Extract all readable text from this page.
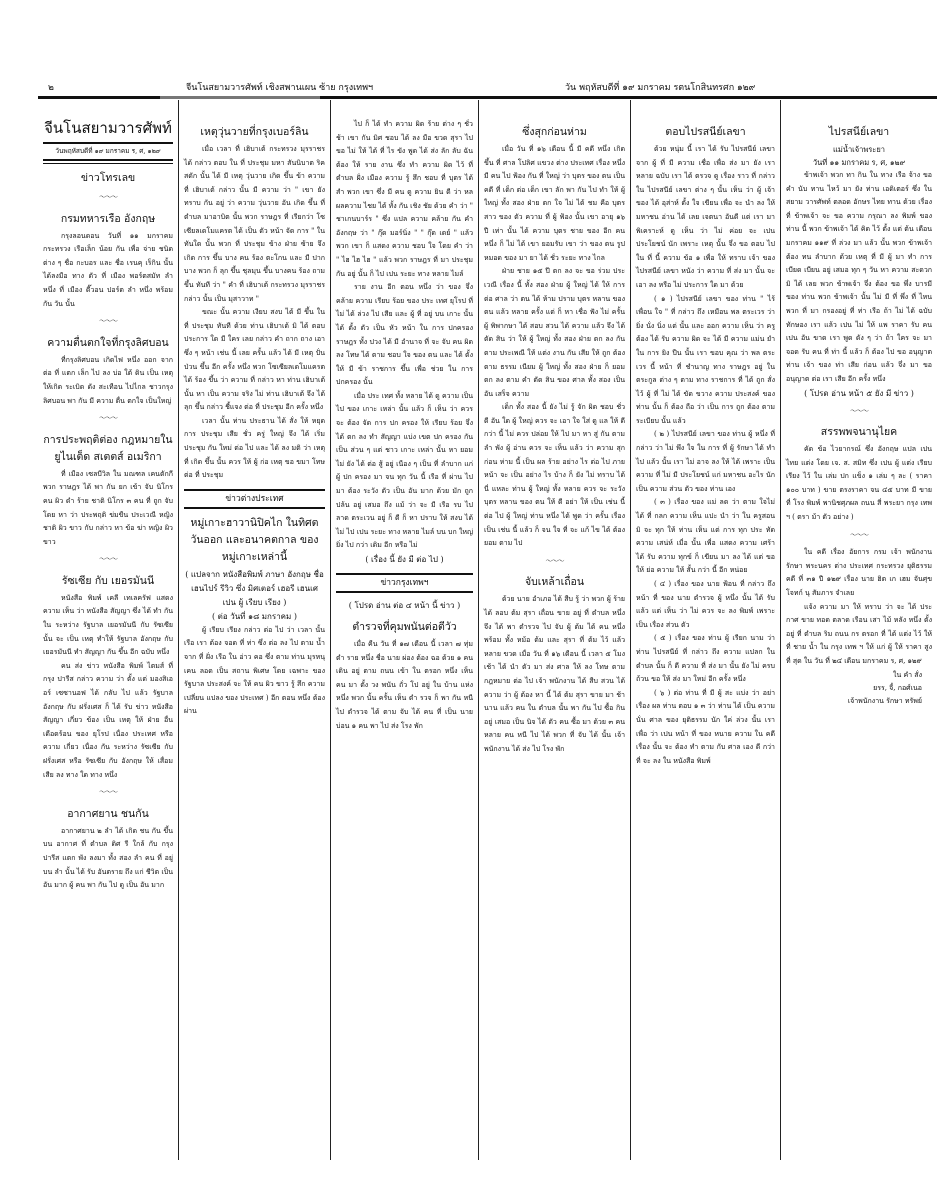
๒	จีนโนสยามวารศัพท์ เชิงสพานเผน ซ้าย กรุงเทพฯ	วัน พฤหัสบดีที่ ๑๙ มกราคม รตนโกสินทรศก ๑๒๙
จีนโนสยามวารศัพท์
วันพฤหัสบดีที่ ๑๙ มกราคม ร, ศ, ๑๒๙
ข่าวโทรเลข
～～～
กรมทหารเรือ อังกฤษ

กรุงลอนดอน วันที่ ๑๑ มกราคม กระทรวง เรือเล็ก น้อย กัน เพื่อ จ่าย ชนิด ต่าง ๆ ชื่อ กะบอร และ ชื่อ เรนคุ เร็กิน นั้น ได้ลงมือ ทาง ตัว ที่ เมือง พอร์ตสมัท ลำ หนึ่ง ที่ เมือง ดี๊วอน ปอร์ต ลำ หนึ่ง พร้อม กัน วัน นั้น

～～～
ความตื่นตกใจที่กรุงลิศบอน

ที่กรุงลิศบอน เกิดไฟ หนึ่ง ออก จาก ต่อ ที่ แตก เล็ก ไป ลง บ่อ ใต้ ดิน เป็น เหตุ ให้เกิด ระเบิด ดัง สะเทือน ไปไกล ชาวกรุง ลิศบอน พา กัน มี ความ ตื่น ตกใจ เป็นใหญ่

～～～
การประพฤติต่อง กฎหมายใน ยูไนเต็ด สเตตส์ อเมริกา

ที่ เมือง เซลบีวิล ใน มณฑล เคนตักกี พวก ราษฎร ได้ พา กัน ยก เข้า จับ นิโกร คน ผิว ดำ ร้าย ชาติ นิโกร ๓ คน ที่ ถูก จับ โดย หา ว่า ประพฤติ ข่มขืน ประเวณี หญิง ชาติ ผิว ขาว กับ กล่าว หา ข้อ ฆ่า หญิง ผิว ขาว

～～～
รัซเซีย กับ เยอรมันนี

หนังสือ พิมพ์ เคลี เทเลครัฟ แสดง ความ เห็น ว่า หนังสือ สัญญา ซึ่ง ได้ ทำ กัน ใน ระหว่าง รัฐบาล เยอรมันนี กับ รัซเซีย นั้น จะ เป็น เหตุ ทำให้ รัฐบาล อังกฤษ กับ เยอรมันนี ทำ สัญญา กัน ขึ้น อีก ฉบับ หนึ่ง

คน ส่ง ข่าว หนังสือ พิมพ์ ไตมส์ ที่ กรุง ปารีส กล่าว ความ ว่า ตั้ง แต่ มองสิเออร์ เซซานอฟ ได้ กลับ ไป แล้ว รัฐบาล อังกฤษ กับ ฝรั่งเศส ก็ ได้ รับ ข่าว หนังสือ สัญญา เกี่ยว ข้อง เป็น เหตุ ให้ ฝ่าย อื่น เดือดร้อน ของ ยุโรป เนื่อง ประเทศ หรือ ความ เกี่ยว เนื่อง กัน ระหว่าง รัซเซีย กับ ฝรั่งเศส หรือ รัซเซีย กับ อังกฤษ ให้ เสื่อม เสีย ลง ทาง ใด ทาง หนึ่ง

～～～
อากาศยาน ชนกัน

อากาศยาน ๒ ลำ ได้ เกิด ชน กัน ขึ้น บน อากาศ ที่ ตำบล ดิศ รี ใกล้ กับ กรุง ปารีส แตก พัง ลงมา ทั้ง สอง ลำ คน ที่ อยู่ บน ลำ นั้น ได้ รับ อันตราย ถึง แก่ ชีวิต เป็น อัน มาก ผู้ คน พา กัน ไป ดู เป็น อัน มาก

เหตุวุ่นวายที่กรุงเบอร์ลิน

เมื่อ เวลา ที่ เฮิบาเต้ กระทรวง มุรราชร ได้ กล่าว ตอบ ใน ที่ ประชุม มหา สันนิบาต ริคสดัก นั้น ได้ มี เหตุ วุ่นวาย เกิด ขึ้น ข้า ความ ที่ เฮิบาเต้ กล่าว นั้น มี ความ ว่า " เขา ยัง ทราบ กัน อยู่ ว่า ความ วุ่นวาย อัน เกิด ขึ้น ที่ ตำบล มาอาบิต นั้น พวก ราษฎร ที่ เรียกว่า โซเซียลเดโมแครต ได้ เป็น ตัว หน้า จัด การ " ใน ทันใด นั้น พวก ที่ ประชุม ข้าง ฝ่าย ซ้าย จึง เกิด การ ขึ้น บาง คน ร้อง ตะโกน และ มี ปาก บาง พวก ก็ ลุก ขึ้น ชุลมุน ขึ้น บางคน ร้อง ถาม ขึ้น ทันที ว่า " คำ ที่ เฮิบาเต้ กระทรวง มุรราชร กล่าว นั้น เป็น มุสาวาท "

ขณะ นั้น ความ เงียบ สงบ ได้ มี ขึ้น ใน ที่ ประชุม ทันที ด้วย ท่าน เฮิบาเต้ มิ ได้ ตอบ ประการ ใด มี ใคร เลย กล่าว คำ ถาก ถาง เอา ซึ่ง ๆ หน้า เช่น นี้ เลย ครั้น แล้ว ได้ มี เหตุ ปั่นป่วน ขึ้น อีก ครั้ง หนึ่ง พวก โซเซียลเดโมแครต ได้ ร้อง ขึ้น ว่า ความ ที่ กล่าว หา ท่าน เฮิบาเต้ นั้น หา เป็น ความ จริง ไม่ ท่าน เฮิบาเต้ จึง ได้ ลุก ขึ้น กล่าว ชี้แจง ต่อ ที่ ประชุม อีก ครั้ง หนึ่ง

เวลา นั้น ท่าน ประธาน ได้ สั่ง ให้ หยุด การ ประชุม เสีย ชั่ว ครู่ ใหญ่ จึง ได้ เริ่ม ประชุม กัน ใหม่ ต่อ ไป และ ได้ ลง มติ ว่า เหตุ ที่ เกิด ขึ้น นั้น ควร ให้ ผู้ ก่อ เหตุ ขอ ขมา โทษ ต่อ ที่ ประชุม

ข่าวต่างประเทศ
หมู่เกาะฮาวานิปิคไก ในทิศตวันออก และอนาคตกาล ของหมู่เกาะเหล่านี้
( แปลจาก หนังสือพิมพ์ ภาษา อังกฤษ ชื่อ เฮนไปร์ รีวิว ซึ่ง มิศเตอร์ เฮอรี เฮนเศ เปน ผู้ เรียบ เรียง )
( ต่อ วันที่ ๑๘ มกราคม )

ผู้ เรียบ เรียง กล่าว ต่อ ไป ว่า เวลา นั้น เรือ เรา ต้อง จอด ที่ ท่า ซึ่ง ต่อ ลง ไป ตาม น้ำ จาก ที่ ฝั่ง เรือ ใน อ่าว คอ ซึ่ง ตาม ท่าน มุรหนุ เคน ลอด เป็น สถาน พิเศษ โดย เฉพาะ ของ รัฐบาล ประสงค์ จะ ให้ คน ผิว ขาว รู้ สึก ความ เปลี่ยน แปลง ของ ประเทศ ) อีก ตอน หนึ่ง ต้อง ผ่าน

ไป ก็ ได้ ทำ ความ ผิด ร้าย ต่าง ๆ ชั่ว ช้า เขา กัน มิศ ชอบ ได้ ลง มือ ขวด สุรา ไป ขอ ไม่ ให้ ได้ ที่ ไร ขัง พูด ได้ ส่ง ลัก ลับ ฉัน ต้อง ให้ ราย งาน ซึ่ง ทำ ความ ผิด ไว้ ที่ ตำบล ฝั่ง เมือง ความ รู้ สึก ชอบ ที่ บุตร ได้ สำ พวก เขา ซึ่ง มี คน ดู ความ ยิน ดี ว่า หล ผลความ ไชย ได้ ทั้ง กัน เชิง ชัย ด้วย คำ ว่า " ชาเกนบาร์ร " ซึ่ง แปล ความ คล้าย กัน คำ อังกฤษ ว่า " กุ๊ด มอร์นิ่ง " " กุ๊ด เดย์ " แล้ว พวก เขา ก็ แสดง ความ ชอบ ใจ โดย คำ ว่า " ไฮ ไฮ ไฮ " แล้ว พวก ราษฎร ที่ มา ประชุม กัน อยู่ นั้น ก็ ไป เปน ระยะ ทาง หลาย ไมล์

ราย งาน อีก ตอน หนึ่ง ว่า ของ จึ่ง คล้าย ความ เรียบ ร้อย ของ ประ เทศ ยุโรป ที่ ไม่ ได้ ล่วง ไป เสีย และ ผู้ ที่ อยู่ บน เกาะ นั้น ได้ ตั้ง ตัว เป็น หัว หน้า ใน การ ปกครอง ราษฎร ทั้ง ปวง ได้ มี อำนาจ ที่ จะ จับ คน ผิด ลง โทษ ได้ ตาม ชอบ ใจ ของ ตน และ ได้ ตั้ง ให้ มี ข้า ราชการ ขึ้น เพื่อ ช่วย ใน การ ปกครอง นั้น

เมื่อ ประ เทศ ทั้ง หลาย ได้ ดู ความ เป็น ไป ของ เกาะ เหล่า นั้น แล้ว ก็ เห็น ว่า ควร จะ ต้อง จัด การ ปก ครอง ให้ เรียบ ร้อย จึ่ง ได้ ตก ลง ทำ สัญญา แบ่ง เขต ปก ครอง กัน เป็น ส่วน ๆ แต่ ชาว เกาะ เหล่า นั้น หา ยอม ไม่ ยัง ได้ ต่อ สู้ อยู่ เนือง ๆ เป็น ที่ ลำบาก แก่ ผู้ ปก ครอง มา จน ทุก วัน นี้ เรือ ที่ ผ่าน ไป มา ต้อง ระวัง ตัว เป็น อัน มาก ด้วย มัก ถูก ปล้น อยู่ เสมอ ถึง แม้ ว่า จะ มี เรือ รบ ไป ลาด ตระเวน อยู่ ก็ ดี ก็ หา ปราบ ให้ สงบ ได้ ไม่ ไป เปน ระยะ ทาง หลาย ไมล์ บน บก ใหญ่ ยิ่ง ไป กว่า เดิม อีก หรือ ไม่

( เรื่อง นี้ ยัง มี ต่อ ไป )
ข่าวกรุงเทพฯ
( โปรด อ่าน ต่อ ๔ หน้า นี้ ข่าว )
ตำรวจที่คุมพนันต่อตีวัว

เมื่อ คืน วัน ที่ ๑๗ เดือน นี้ เวลา ๗ ทุ่ม ตำ ราย หนึ่ง ชื่อ นาย ผ่อง ต้อง ฉอ ด้วย ๑ คน เดิน อยู่ ตาม ถนน เข้า ใน ตรอก หนึ่ง เห็น คน มา ตั้ง วง พนัน ถั่ว โป อยู่ ใน บ้าน แห่ง หนึ่ง พวก นั้น ครั้น เห็น ตำ รวจ ก็ พา กัน หนี ไป ตำรวจ ได้ ตาม จับ ได้ คน ที่ เป็น นาย บ่อน ๑ คน พา ไป ส่ง โรง พัก

ซึ่งสุกก่อนห่าม

เมื่อ วัน ที่ ๑๖ เดือน นี้ มี คดี หนึ่ง เกิด ขึ้น ที่ ศาล โปลิศ แขวง ต่าง ประเทศ เรื่อง หนึ่ง มี คน ไป ฟ้อง กัน ที่ ใหญ่ ว่า บุตร ของ ตน เป็น คดี ที่ เด็ก ต่อ เด็ก เขา ลัก พา กัน ไป ทำ ให้ ผู้ ใหญ่ ทั้ง สอง ฝ่าย ตก ใจ ไม่ ได้ ชม คือ บุตร สาว ของ ตัว ความ ที่ ผู้ ฟ้อง นั้น เขา อายุ ๑๖ ปี เท่า นั้น ได้ ความ บุตร ชาย ของ อีก คน หนึ่ง ก็ ไม่ ได้ เขา ยอมรับ เขา ว่า ของ ตน รูป หมอด ของ มา ยา ได้ ชั่ว ระยะ ทาง ไกล

ฝ่าย ชาย ๑๕ ปี ตก ลง จะ ขอ ร่วม ประ เวณี เรื่อง นี้ ทั้ง สอง ฝ่าย ผู้ ใหญ่ ได้ ให้ การ ต่อ ศาล ว่า ตน ได้ ห้าม ปราม บุตร หลาน ของ ตน แล้ว หลาย ครั้ง แต่ ก็ หา เชื่อ ฟัง ไม่ ครั้น ผู้ พิพากษา ได้ สอบ สวน ได้ ความ แล้ว จึง ได้ ตัด สิน ว่า ให้ ผู้ ใหญ่ ทั้ง สอง ฝ่าย ตก ลง กัน ตาม ประเพณี ให้ แต่ง งาน กัน เสีย ให้ ถูก ต้อง ตาม ธรรม เนียม ผู้ ใหญ่ ทั้ง สอง ฝ่าย ก็ ยอม ตก ลง ตาม คำ ตัด สิน ของ ศาล ทั้ง สอง เป็น อัน เสร็จ ความ

เด็ก ทั้ง สอง นี้ ยัง ไม่ รู้ จัก ผิด ชอบ ชั่ว ดี อัน ใด ผู้ ใหญ่ ควร จะ เอา ใจ ใส่ ดู แล ให้ ดี กว่า นี้ ไม่ ควร ปล่อย ให้ ไป มา หา สู่ กัน ตาม ลำ พัง ผู้ อ่าน ควร จะ เห็น แล้ว ว่า ความ สุก ก่อน ห่าม นี้ เป็น ผล ร้าย อย่าง ไร ต่อ ไป ภาย หน้า จะ เป็น อย่าง ไร บ้าง ก็ ยัง ไม่ ทราบ ได้ นี่ แหละ ท่าน ผู้ ใหญ่ ทั้ง หลาย ควร จะ ระวัง บุตร หลาน ของ ตน ให้ ดี อย่า ให้ เป็น เช่น นี้ ต่อ ไป ผู้ ใหญ่ ท่าน หนึ่ง ได้ พูด ว่า ครั้น เรื่อง เป็น เช่น นี้ แล้ว ก็ จน ใจ ที่ จะ แก้ ไข ได้ ต้อง ยอม ตาม ไป

～～～
จับเหล้าเถื่อน

ด้วย นาย อำเภอ ได้ สืบ รู้ ว่า พวก ผู้ ร้าย ได้ ลอบ ต้ม สุรา เถื่อน ขาย อยู่ ที่ ตำบล หนึ่ง จึง ได้ พา ตำรวจ ไป จับ ผู้ ต้ม ได้ คน หนึ่ง พร้อม ทั้ง หม้อ ต้ม และ สุรา ที่ ต้ม ไว้ แล้ว หลาย ขวด เมื่อ วัน ที่ ๑๖ เดือน นี้ เวลา ๕ โมง เช้า ได้ นำ ตัว มา ส่ง ศาล ให้ ลง โทษ ตาม กฎหมาย ต่อ ไป เจ้า พนักงาน ได้ สืบ สวน ได้ ความ ว่า ผู้ ต้อง หา นี้ ได้ ต้ม สุรา ขาย มา ช้า นาน แล้ว คน ใน ตำบล นั้น พา กัน ไป ซื้อ กิน อยู่ เสมอ เป็น นิจ ได้ ตัว คน ซื้อ มา ด้วย ๓ คน หลาย คน หนี ไป ได้ พวก ที่ จับ ได้ นั้น เจ้า พนักงาน ได้ ส่ง ไป โรง พัก

ตอบไปรสนีย์เลขา

ด้วย หนุ่ม นี้ เรา ได้ รับ ไปรสนีย์ เลขา จาก ผู้ ที่ มี ความ เชื่อ เพื่อ ส่ง มา ยัง เรา หลาย ฉบับ เรา ได้ ตรวจ ดู เรื่อง ราว ที่ กล่าว ใน ไปรสนีย์ เลขา ต่าง ๆ นั้น เห็น ว่า ผู้ เจ้า ของ ได้ อุส่าห์ ตั้ง ใจ เขียน เพื่อ จะ นำ ลง ให้ มหาชน อ่าน ได้ เลย เจตนา อันดี แต่ เรา มา พิเคราะห์ ดู เห็น ว่า ไม่ ค่อย จะ เปน ประโยชน์ นัก เพราะ เหตุ นั้น จึ่ง ขอ ตอบ ไป ใน ที่ นี้ ความ ข้อ ๑ เพื่อ ให้ ทราบ เจ้า ของ ไปรสนีย์ เลขา หนัง ว่า ความ ที่ ส่ง มา นั้น จะ เอา ลง หรือ ไม่ ประการ ใด มา ด้วย

( ๑ ) ไปรสนีย์ เลขา ของ ท่าน " ไร้ เพื่อน ใจ " ที่ กล่าว ถึง เหมือน พล ตระเวร ว่า ยิ่ง นั่ง นิ่ง แต่ นั้น และ ออก ความ เห็น ว่า ครู ต้อง ได้ รับ ความ ผิด จะ ได้ มี ความ แม่น ยำ ใน การ ยิง ปืน นั้น เรา ขอบ คุณ ว่า พล ตระเวร นี้ หน้า ที่ ชำนาญ ทาง ราษฎร อยู่ ใน ตระกูล ต่าง ๆ ตาม ทาง ราชการ ที่ ได้ ถูก สั่ง ไว้ ผู้ ที่ ไม่ ได้ ขัด ขวาง ความ ประสงค์ ของ ท่าน นั้น ก็ ต้อง ถือ ว่า เป็น การ ถูก ต้อง ตาม ระเบียบ นั้น แล้ว

( ๒ ) ไปรสนีย์ เลขา ของ ท่าน ผู้ หนึ่ง ที่ กล่าว ว่า ไม่ พึง ใจ ใน การ ที่ ผู้ รักษา ได้ ทำ ไป แล้ว นั้น เรา ไม่ อาจ ลง ให้ ได้ เพราะ เป็น ความ ที่ ไม่ มี ประโยชน์ แก่ มหาชน อะไร นัก เป็น ความ ส่วน ตัว ของ ท่าน เอง

( ๓ ) เรื่อง ของ แม่ ลด ว่า ตาม ใจไม่ ได้ ที่ กลก ความ เห็น แปะ นำ ว่า ใน ครูสอน มิ จะ ทุก ให้ ท่าน เห็น แต่ การ ทุก ประ ทัด ความ เสน่ห์ เมื่อ นั้น เพื่อ แสดง ความ เศร้า ได้ รับ ความ ทุกข์ ก็ เขียน มา ลง ได้ แต่ ขอ ให้ ย่อ ความ ให้ สั้น กว่า นี้ อีก หน่อย

( ๔ ) เรื่อง ของ นาย ฟ้อน ที่ กล่าว ถึง หน้า ที่ ของ นาย ตำรวจ ผู้ หนึ่ง นั้น ได้ รับ แล้ว แต่ เห็น ว่า ไม่ ควร จะ ลง พิมพ์ เพราะ เป็น เรื่อง ส่วน ตัว

( ๕ ) เรื่อง ของ ท่าน ผู้ เรียก นาม ว่า ท่าน ไปรสนีย์ ที่ กล่าว ถึง ความ แปลก ใน ตำบล นั้น ก็ ดี ความ ที่ ส่ง มา นั้น ยัง ไม่ ครบ ถ้วน ขอ ให้ ส่ง มา ใหม่ อีก ครั้ง หนึ่ง

( ๖ ) ต่อ ท่าน ที่ มี ผู้ สะ แบ่ง ว่า อย่า เรื่อง ผล ท่าน ตอบ ๑ ๓ ว่า ท่าน ได้ เป็น ความ นั่น ศาล ของ ยุติธรรม นัก ใค่ ล่วง นั้น เรา เพื่อ ว่า เปน หน้า ที่ ของ หนาย ความ ใน คดี เรื่อง นั้น จะ ต้อง ทำ ตาม กับ ศาล เอง ดี กว่า ที่ จะ ลง ใน หนังสือ พิมพ์

ไปรสนีย์เลขา
แม่น้ำเจ้าพระยา
วันที่ ๑๑ มกราคม ร, ศ, ๑๒๙

ข้าพเจ้า พวก ทา กิน ใน ทาง เรือ จ้าง ขอ คำ นับ ทาน ไหว้ มา ยัง ท่าน เอดิเตอร์ ซึ่ง ใน สยาม วารศัพท์ ตลอด อักษร ไทย ทาน ด้วย เรื่อง ที่ ข้าพเจ้า จะ ขอ ความ กรุณา ลง พิมพ์ ของ ท่าน นี้ พวก ข้าพเจ้า ได้ คิด ไว้ ตั้ง แต่ ต้น เดือน มกราคม ๑๑๙ ที่ ล่วง มา แล้ว นั้น พวก ข้าพเจ้า ต้อง ทน ลำบาก ด้วย เหตุ ที่ มี ผู้ มา ทำ การ เบียด เบียน อยู่ เสมอ ทุก ๆ วัน หา ความ สะดวก มิ ได้ เลย พวก ข้าพเจ้า จึ่ง ต้อง ขอ พึ่ง บารมี ของ ท่าน พวก ข้าพเจ้า นั้น ไม่ มี ที่ พึ่ง ที่ ไหน พวก ที่ มา กรองอยู่ ที่ ท่า เรือ ถ้า ไม่ ได้ ฉบับ ทักษอง เรา แล้ว เปน ไม่ ให้ แพ ราคา รับ คน เปน อัน ขาด เรา พูด ดัง ๆ ว่า ถ้า ใคร จะ มา จอด รับ คน ที่ ท่า นี้ แล้ว ก็ ต้อง ไป ขอ อนุญาต ท่าน เจ้า ของ ท่า เสีย ก่อน แล้ว จึ่ง มา ขอ อนุญาต ต่อ เรา เสีย อีก ครั้ง หนึ่ง

( โปรด อ่าน หน้า ๕ ยัง มี ข่าว )
～～～
สรรพพจนานุไยค

คัด ข้อ ไวยากรณ์ ซึ่ง อังกฤษ แปล เปน ไทย แต่ง โดย เจ. ส. สมิท ซึ่ง เปน ผู้ แต่ง เรียบ เรียง ไว้ ใน เล่ม ปก แข็ง ๑ เล่ม ๆ ละ ( ราคา ๑๐๐ บาท ) ขาย ตรงราคา จน ๔๕ บาท มี ขาย ที่ โรง พิมพ์ พานิชศุภผล ถนน สี่ พระยา กรุง เทพ ฯ ( ตรา ม้า ตัว อย่าง )

～～～

ใน คดี เรื่อง อัยการ กรม เจ้า พนักงาน รักษา พระนคร ต่าง ประเทศ กระทรวง ยุติธรรม คดี ที่ ๓๑ ปี ๑๒๙ เรื่อง นาย ฮิต เก เฮม จันศุข โจทก์ นุ สัมภาร จำเลย

แจ้ง ความ มา ให้ ทราบ ว่า จะ ได้ ประ กาศ ขาย ทอด ตลาด เรือน เสา ไม้ หลัง หนึ่ง ตั้ง อยู่ ที่ ตำบล ริม ถนน กร ตรอก ที่ ได้ แต่ง ไว้ ให้ ที่ ชาย น้ำ ใน กรุง เทพ ฯ ให้ แก่ ผู้ ให้ ราคา สูง ที่ สุด ใน วัน ที่ ๒๔ เดือน มกราคม ร, ศ, ๑๒๙

ใน คำ สั่ง
ยรร, จื๋, กอศ์เนอ
เจ้าพนักงาน รักษา ทรัพย์
